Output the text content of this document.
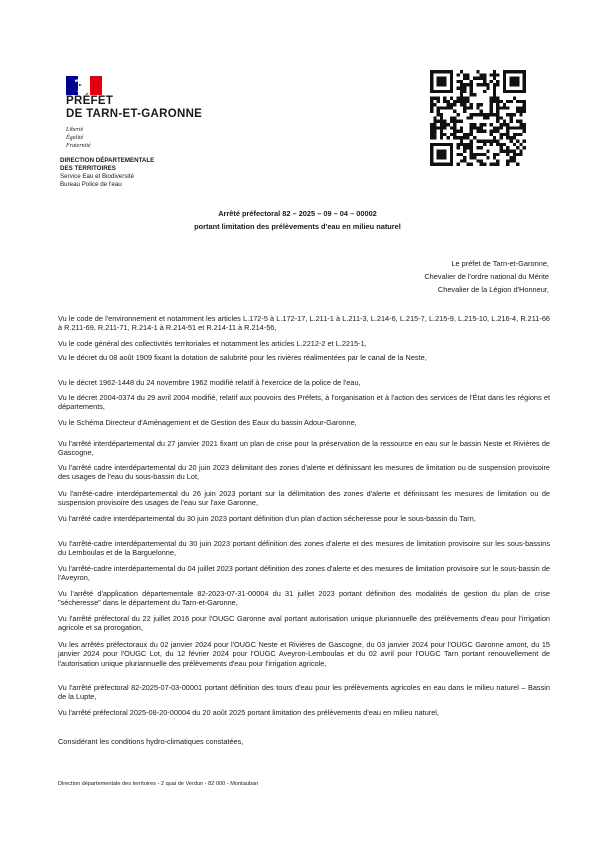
PRÉFET
DE TARN-ET-GARONNE
Liberté
Égalité
Fraternité
DIRECTION DÉPARTEMENTALE
DES TERRITOIRES
Service Eau et Biodiversité
Bureau Police de l'eau
Arrêté préfectoral 82 – 2025 – 09 – 04 – 00002
portant limitation des prélèvements d'eau en milieu naturel
Le préfet de Tarn-et-Garonne,
Chevalier de l'ordre national du Mérite
Chevalier de la Légion d'Honneur,
Vu le code de l'environnement et notamment les articles L.172-5 à L.172-17, L.211-1 à L.211-3, L.214-6, L.215-7, L.215-9, L.215-10, L.216-4, R.211-66 à R.211-69, R.211-71, R.214-1 à R.214-51 et R.214-11 à R.214-56,
Vu le code général des collectivités territoriales et notamment les articles L.2212-2 et L.2215-1,
Vu le décret du 08 août 1909 fixant la dotation de salubrité pour les rivières réalimentées par le canal de la Neste,
Vu le décret 1962-1448 du 24 novembre 1962 modifié relatif à l'exercice de la police de l'eau,
Vu le décret 2004-0374 du 29 avril 2004 modifié, relatif aux pouvoirs des Préfets, à l'organisation et à l'action des services de l'État dans les régions et départements,
Vu le Schéma Directeur d'Aménagement et de Gestion des Eaux du bassin Adour-Garonne,
Vu l'arrêté interdépartemental du 27 janvier 2021 fixant un plan de crise pour la préservation de la ressource en eau sur le bassin Neste et Rivières de Gascogne,
Vu l'arrêté cadre interdépartemental du 20 juin 2023 délimitant des zones d'alerte et définissant les mesures de limitation ou de suspension provisoire des usages de l'eau du sous-bassin du Lot,
Vu l'arrêté-cadre interdépartemental du 26 juin 2023 portant sur la délimitation des zones d'alerte et définissant les mesures de limitation ou de suspension provisoire des usages de l'eau sur l'axe Garonne,
Vu l'arrêté cadre interdépartemental du 30 juin 2023 portant définition d'un plan d'action sécheresse pour le sous-bassin du Tarn,
Vu l'arrêté-cadre interdépartemental du 30 juin 2023 portant définition des zones d'alerte et des mesures de limitation provisoire sur les sous-bassins du Lemboulas et de la Barguelonne,
Vu l'arrêté-cadre interdépartemental du 04 juillet 2023 portant définition des zones d'alerte et des mesures de limitation provisoire sur le sous-bassin de l'Aveyron,
Vu l'arrêté d'application départementale 82-2023-07-31-00004 du 31 juillet 2023 portant définition des modalités de gestion du plan de crise "sécheresse" dans le département du Tarn-et-Garonne,
Vu l'arrêté préfectoral du 22 juillet 2016 pour l'OUGC Garonne aval portant autorisation unique pluriannuelle des prélèvements d'eau pour l'irrigation agricole et sa prorogation,
Vu les arrêtés préfectoraux du 02 janvier 2024 pour l'OUGC Neste et Rivières de Gascogne, du 03 janvier 2024 pour l'OUGC Garonne amont, du 15 janvier 2024 pour l'OUGC Lot, du 12 février 2024 pour l'OUGC Aveyron-Lemboulas et du 02 avril pour l'OUGC Tarn portant renouvellement de l'autorisation unique pluriannuelle des prélèvements d'eau pour l'irrigation agricole,
Vu l'arrêté préfectoral 82-2025-07-03-00001 portant définition des tours d'eau pour les prélèvements agricoles en eau dans le milieu naturel – Bassin de la Lupte,
Vu l'arrêté préfectoral 2025-08-20-00004 du 20 août 2025 portant limitation des prélèvements d'eau en milieu naturel,
Considérant les conditions hydro-climatiques constatées,
Direction départementale des territoires - 2 quai de Verdun - 82 000 - Montauban
